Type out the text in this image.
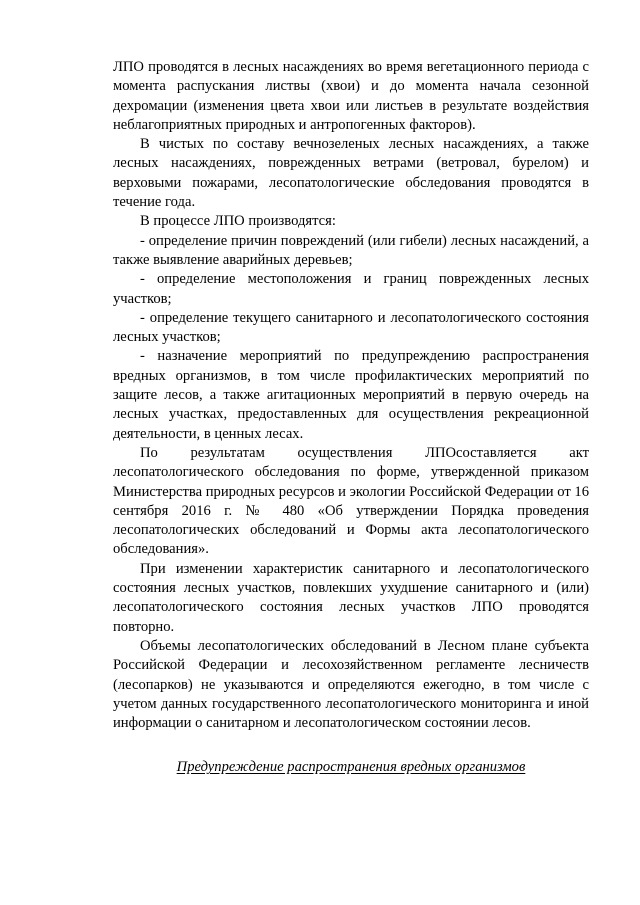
ЛПО проводятся в лесных насаждениях во время вегетационного периода с момента распускания листвы (хвои) и до момента начала сезонной дехромации (изменения цвета хвои или листьев в результате воздействия неблагоприятных природных и антропогенных факторов).

В чистых по составу вечнозеленых лесных насаждениях, а также лесных насаждениях, поврежденных ветрами (ветровал, бурелом) и верховыми пожарами, лесопатологические обследования проводятся в течение года.

В процессе ЛПО производятся:

- определение причин повреждений (или гибели) лесных насаждений, а также выявление аварийных деревьев;

- определение местоположения и границ поврежденных лесных участков;

- определение текущего санитарного и лесопатологического состояния лесных участков;

- назначение мероприятий по предупреждению распространения вредных организмов, в том числе профилактических мероприятий по защите лесов, а также агитационных мероприятий в первую очередь на лесных участках, предоставленных для осуществления рекреационной деятельности, в ценных лесах.

По результатам осуществления ЛПОсоставляется акт лесопатологического обследования по форме, утвержденной приказом Министерства природных ресурсов и экологии Российской Федерации от 16 сентября 2016 г. № 480 «Об утверждении Порядка проведения лесопатологических обследований и Формы акта лесопатологического обследования».

При изменении характеристик санитарного и лесопатологического состояния лесных участков, повлекших ухудшение санитарного и (или) лесопатологического состояния лесных участков ЛПО проводятся повторно.

Объемы лесопатологических обследований в Лесном плане субъекта Российской Федерации и лесохозяйственном регламенте лесничеств (лесопарков) не указываются и определяются ежегодно, в том числе с учетом данных государственного лесопатологического мониторинга и иной информации о санитарном и лесопатологическом состоянии лесов.

Предупреждение распространения вредных организмов
